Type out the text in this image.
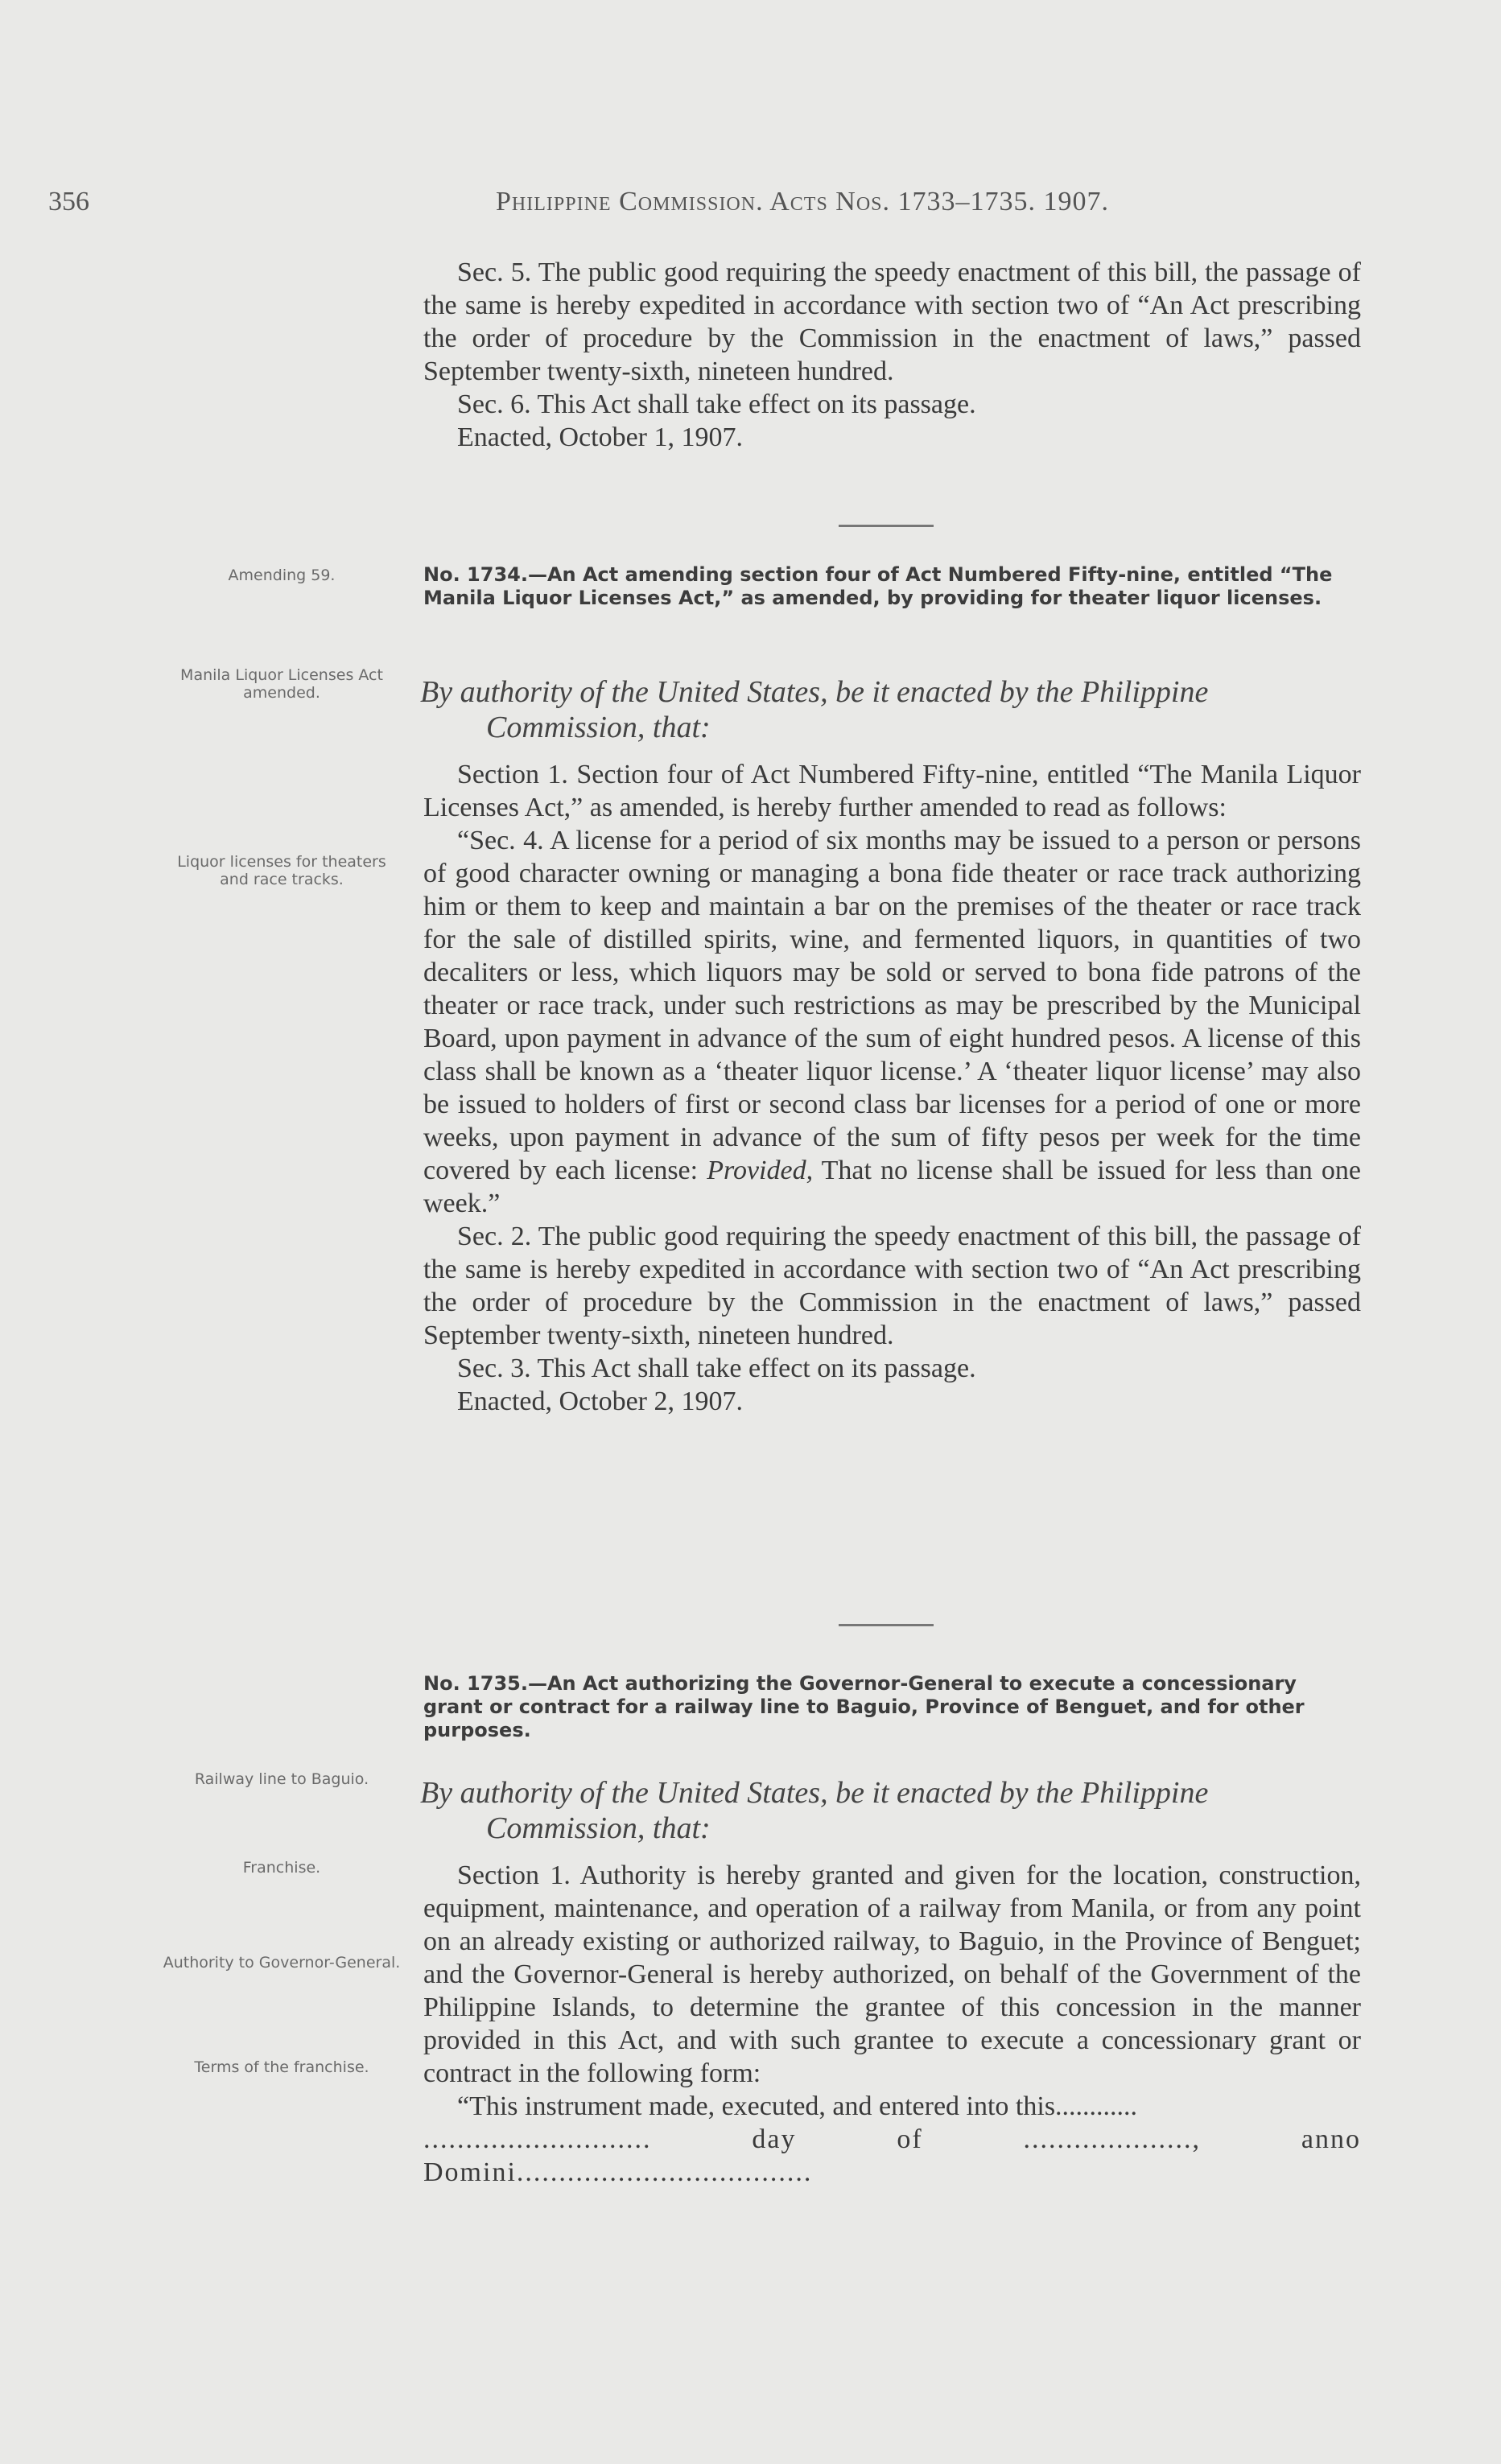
356	Philippine Commission. Acts Nos. 1733–1735. 1907.

Sec. 5. The public good requiring the speedy enactment of this bill, the passage of the same is hereby expedited in accordance with section two of “An Act prescribing the order of procedure by the Commission in the enactment of laws,” passed September twenty-sixth, nineteen hundred.

Sec. 6. This Act shall take effect on its passage.

Enacted, October 1, 1907.

Amending 59.	No. 1734.—An Act amending section four of Act Numbered Fifty-nine, entitled “The Manila Liquor Licenses Act,” as amended, by providing for theater liquor licenses.
Manila Liquor Licenses Act amended.	By authority of the United States, be it enacted by the Philippine
Commission, that:
Liquor licenses for theaters and race tracks.

Section 1. Section four of Act Numbered Fifty-nine, entitled “The Manila Liquor Licenses Act,” as amended, is hereby further amended to read as follows:

“Sec. 4. A license for a period of six months may be issued to a person or persons of good character owning or managing a bona fide theater or race track authorizing him or them to keep and maintain a bar on the premises of the theater or race track for the sale of distilled spirits, wine, and fermented liquors, in quantities of two decaliters or less, which liquors may be sold or served to bona fide patrons of the theater or race track, under such restrictions as may be prescribed by the Municipal Board, upon payment in advance of the sum of eight hundred pesos. A license of this class shall be known as a ‘theater liquor license.’ A ‘theater liquor license’ may also be issued to holders of first or second class bar licenses for a period of one or more weeks, upon payment in advance of the sum of fifty pesos per week for the time covered by each license: Provided, That no license shall be issued for less than one week.”

Sec. 2. The public good requiring the speedy enactment of this bill, the passage of the same is hereby expedited in accordance with section two of “An Act prescribing the order of procedure by the Commission in the enactment of laws,” passed September twenty-sixth, nineteen hundred.

Sec. 3. This Act shall take effect on its passage.

Enacted, October 2, 1907.

No. 1735.—An Act authorizing the Governor-General to execute a concessionary grant or contract for a railway line to Baguio, Province of Benguet, and for other purposes.
Railway line to Baguio.	By authority of the United States, be it enacted by the Philippine
Commission, that:
Franchise.
Authority to Governor-General.
Terms of the franchise.

Section 1. Authority is hereby granted and given for the location, construction, equipment, maintenance, and operation of a railway from Manila, or from any point on an already existing or authorized railway, to Baguio, in the Province of Benguet; and the Governor-General is hereby authorized, on behalf of the Government of the Philippine Islands, to determine the grantee of this concession in the manner provided in this Act, and with such grantee to execute a concessionary grant or contract in the following form:

“This instrument made, executed, and entered into this............

........................... day of ...................., anno Domini...................................
